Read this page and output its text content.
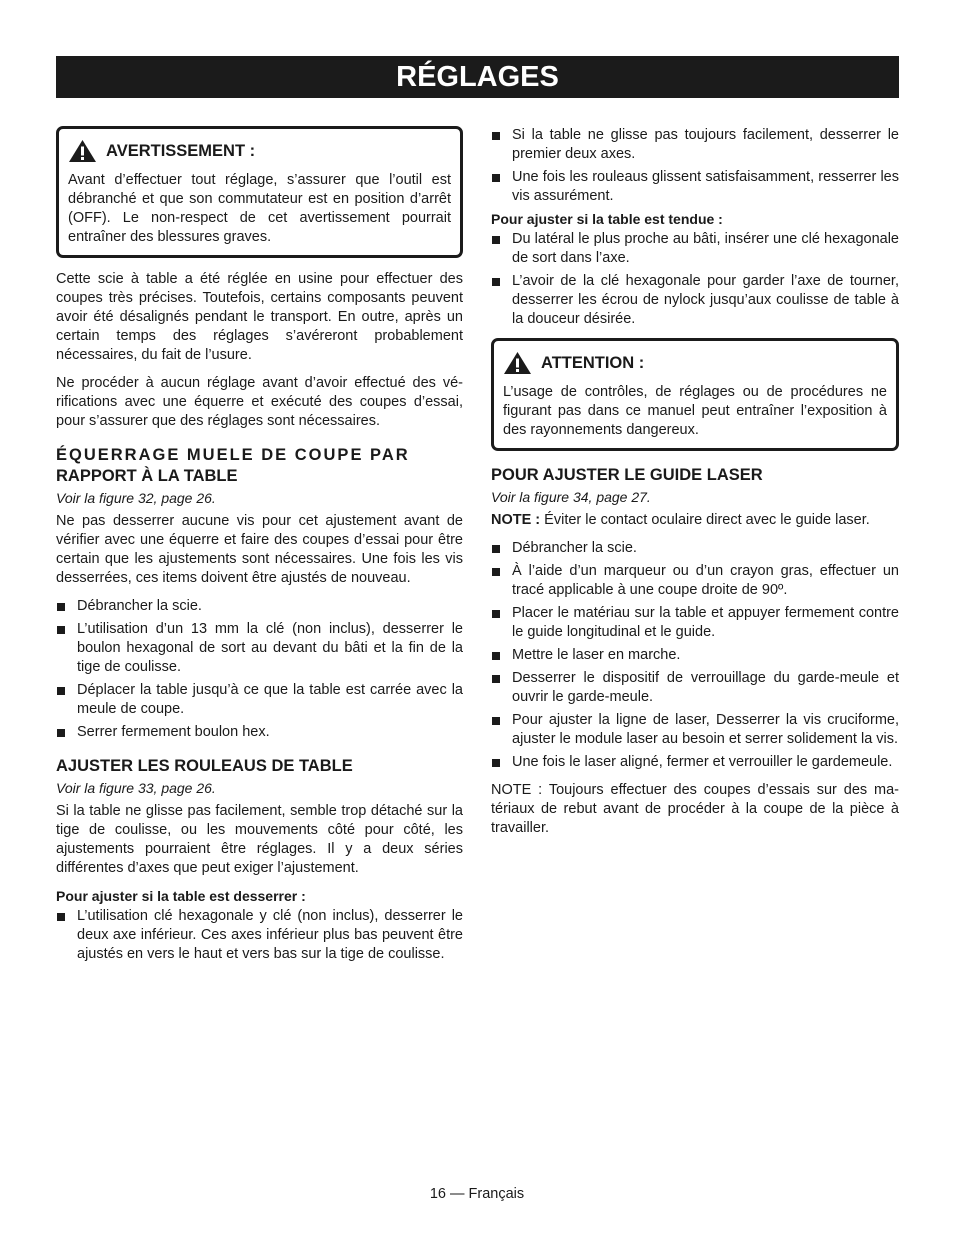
RÉGLAGES
AVERTISSEMENT :
Avant d’effectuer tout réglage, s’assurer que l’outil est débranché et que son commutateur est en position d’arrêt (OFF). Le non-respect de cet avertissement pourrait entraîner des blessures graves.

Cette scie à table a été réglée en usine pour effectuer des coupes très précises. Toutefois, certains composants peuvent avoir été désalignés pendant le transport. En outre, après un certain temps des réglages s’avéreront probablement nécessaires, du fait de l’usure.

Ne procéder à aucun réglage avant d’avoir effectué des vérifications avec une équerre et exécuté des coupes d’essai, pour s’assurer que des réglages sont nécessaires.

ÉQUERRAGE MUELE DE COUPE PAR
RAPPORT À LA TABLE
Voir la figure 32, page 26.

Ne pas desserrer aucune vis pour cet ajustement avant de vérifier avec une équerre et faire des coupes d’essai pour être certain que les ajustements sont nécessaires. Une fois les vis desserrées, ces items doivent être ajustés de nouveau.

Débrancher la scie.
L’utilisation d’un 13 mm la clé (non inclus), desserrer le boulon hexagonal de sort au devant du bâti et la fin de la tige de coulisse.
Déplacer la table jusqu’à ce que la table est carrée avec la meule de coupe.
Serrer fermement boulon hex.
AJUSTER LES ROULEAUS DE TABLE
Voir la figure 33, page 26.

Si la table ne glisse pas facilement, semble trop détaché sur la tige de coulisse, ou les mouvements côté pour côté, les ajustements pourraient être réglages. Il y a deux séries différentes d’axes que peut exiger l’ajustement.

Pour ajuster si la table est desserrer :
L’utilisation clé hexagonale y clé (non inclus), desserrer le deux axe inférieur. Ces axes inférieur plus bas peuvent être ajustés en vers le haut et vers bas sur la tige de coulisse.
Si la table ne glisse pas toujours facilement, desserrer le premier deux axes.
Une fois les rouleaus glissent satisfaisamment, resserrer les vis assurément.
Pour ajuster si la table est tendue :
Du latéral le plus proche au bâti, insérer une clé hexagonale de sort dans l’axe.
L’avoir de la clé hexagonale pour garder l’axe de tourner, desserrer les écrou de nylock jusqu’aux coulisse de table à la douceur désirée.
ATTENTION :
L’usage de contrôles, de réglages ou de procédures ne figurant pas dans ce manuel peut entraîner l’exposition à des rayonnements dangereux.
POUR AJUSTER LE GUIDE LASER
Voir la figure 34, page 27.

NOTE : Éviter le contact oculaire direct avec le guide laser.

Débrancher la scie.
À l’aide d’un marqueur ou d’un crayon gras, effectuer un tracé applicable à une coupe droite de 90º.
Placer le matériau sur la table et appuyer fermement contre le guide longitudinal et le guide.
Mettre le laser en marche.
Desserrer le dispositif de verrouillage du garde-meule et ouvrir le garde-meule.
Pour ajuster la ligne de laser, Desserrer la vis cruciforme, ajuster le module laser au besoin et serrer solidement la vis.
Une fois le laser aligné, fermer et verrouiller le gardemeule.

NOTE : Toujours effectuer des coupes d’essais sur des matériaux de rebut avant de procéder à la coupe de la pièce à travailler.

16 — Français
